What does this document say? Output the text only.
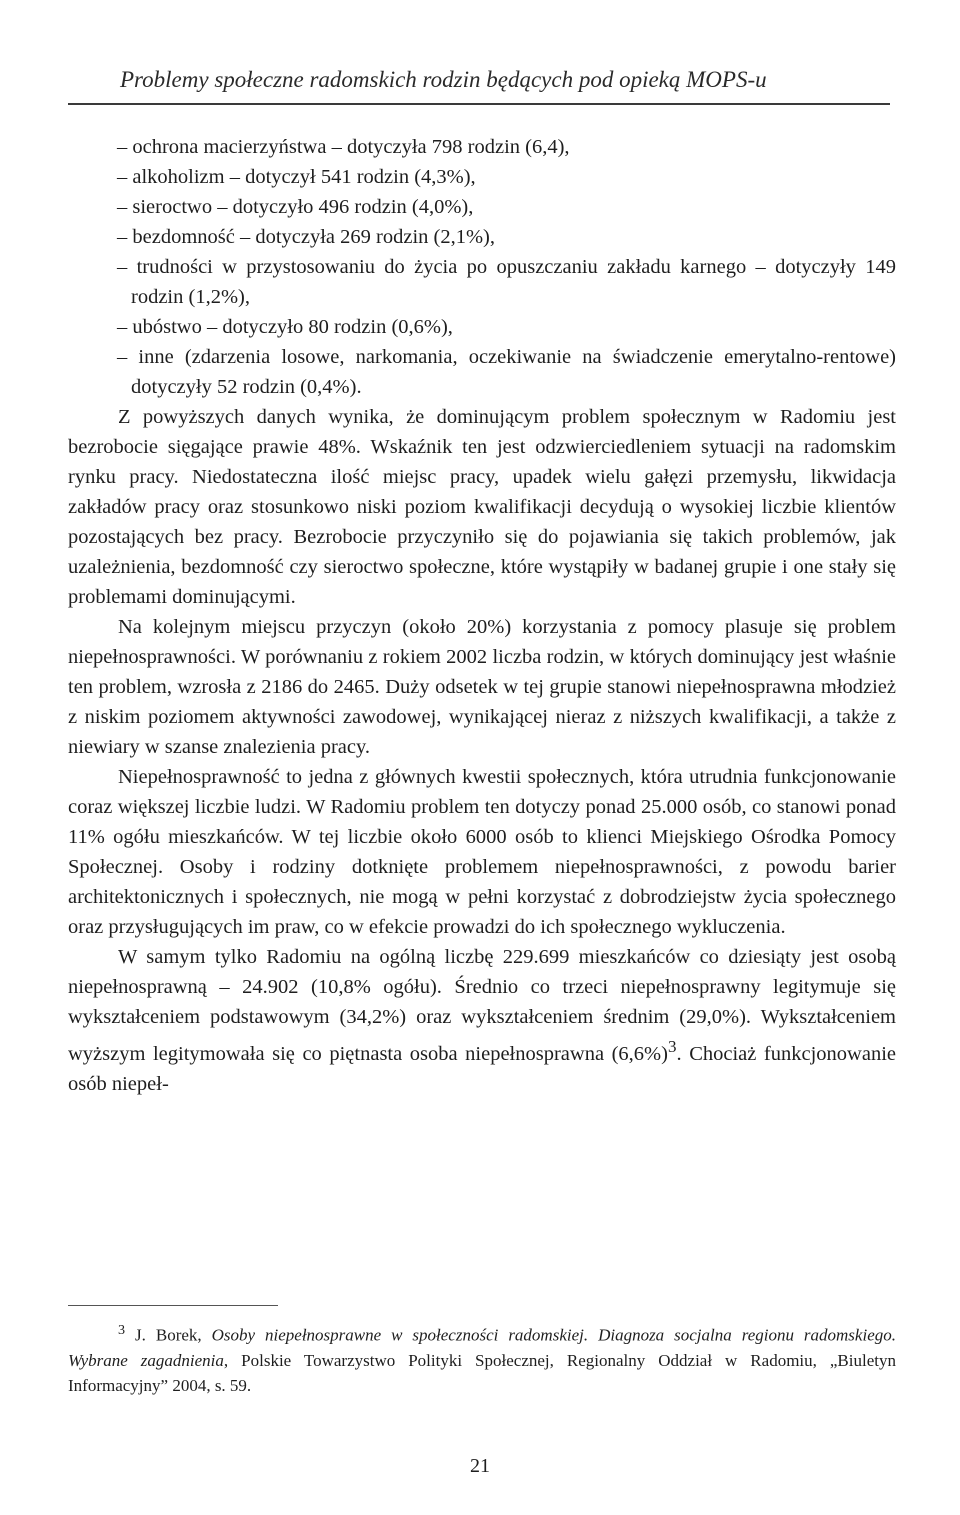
Problemy społeczne radomskich rodzin będących pod opieką MOPS-u
– ochrona macierzyństwa – dotyczyła 798 rodzin (6,4),
– alkoholizm – dotyczył 541 rodzin (4,3%),
– sieroctwo – dotyczyło 496 rodzin (4,0%),
– bezdomność – dotyczyła 269 rodzin (2,1%),
– trudności w przystosowaniu do życia po opuszczaniu zakładu karnego – dotyczyły 149 rodzin (1,2%),
– ubóstwo – dotyczyło 80 rodzin (0,6%),
– inne (zdarzenia losowe, narkomania, oczekiwanie na świadczenie emerytalno-rentowe) dotyczyły 52 rodzin (0,4%).

Z powyższych danych wynika, że dominującym problem społecznym w Radomiu jest bezrobocie sięgające prawie 48%. Wskaźnik ten jest odzwierciedleniem sytuacji na radomskim rynku pracy. Niedostateczna ilość miejsc pracy, upadek wielu gałęzi przemysłu, likwidacja zakładów pracy oraz stosunkowo niski poziom kwalifikacji decydują o wysokiej liczbie klientów pozostających bez pracy. Bezrobocie przyczyniło się do pojawiania się takich problemów, jak uzależnienia, bezdomność czy sieroctwo społeczne, które wystąpiły w badanej grupie i one stały się problemami dominującymi.

Na kolejnym miejscu przyczyn (około 20%) korzystania z pomocy plasuje się problem niepełnosprawności. W porównaniu z rokiem 2002 liczba rodzin, w których dominujący jest właśnie ten problem, wzrosła z 2186 do 2465. Duży odsetek w tej grupie stanowi niepełnosprawna młodzież z niskim poziomem aktywności zawodowej, wynikającej nieraz z niższych kwalifikacji, a także z niewiary w szanse znalezienia pracy.

Niepełnosprawność to jedna z głównych kwestii społecznych, która utrudnia funkcjonowanie coraz większej liczbie ludzi. W Radomiu problem ten dotyczy ponad 25.000 osób, co stanowi ponad 11% ogółu mieszkańców. W tej liczbie około 6000 osób to klienci Miejskiego Ośrodka Pomocy Społecznej. Osoby i rodziny dotknięte problemem niepełnosprawności, z powodu barier architektonicznych i społecznych, nie mogą w pełni korzystać z dobrodziejstw życia społecznego oraz przysługujących im praw, co w efekcie prowadzi do ich społecznego wykluczenia.

W samym tylko Radomiu na ogólną liczbę 229.699 mieszkańców co dziesiąty jest osobą niepełnosprawną – 24.902 (10,8% ogółu). Średnio co trzeci niepełnosprawny legitymuje się wykształceniem podstawowym (34,2%) oraz wykształceniem średnim (29,0%). Wykształceniem wyższym legitymowała się co piętnasta osoba niepełnosprawna $(6,6\%)^3$. Chociaż funkcjonowanie osób niepeł-

$^3$ J. Borek, Osoby niepełnosprawne w społeczności radomskiej. Diagnoza socjalna regionu radomskiego. Wybrane zagadnienia, Polskie Towarzystwo Polityki Społecznej, Regionalny Oddział w Radomiu, „Biuletyn Informacyjny” 2004, s. 59.
21
